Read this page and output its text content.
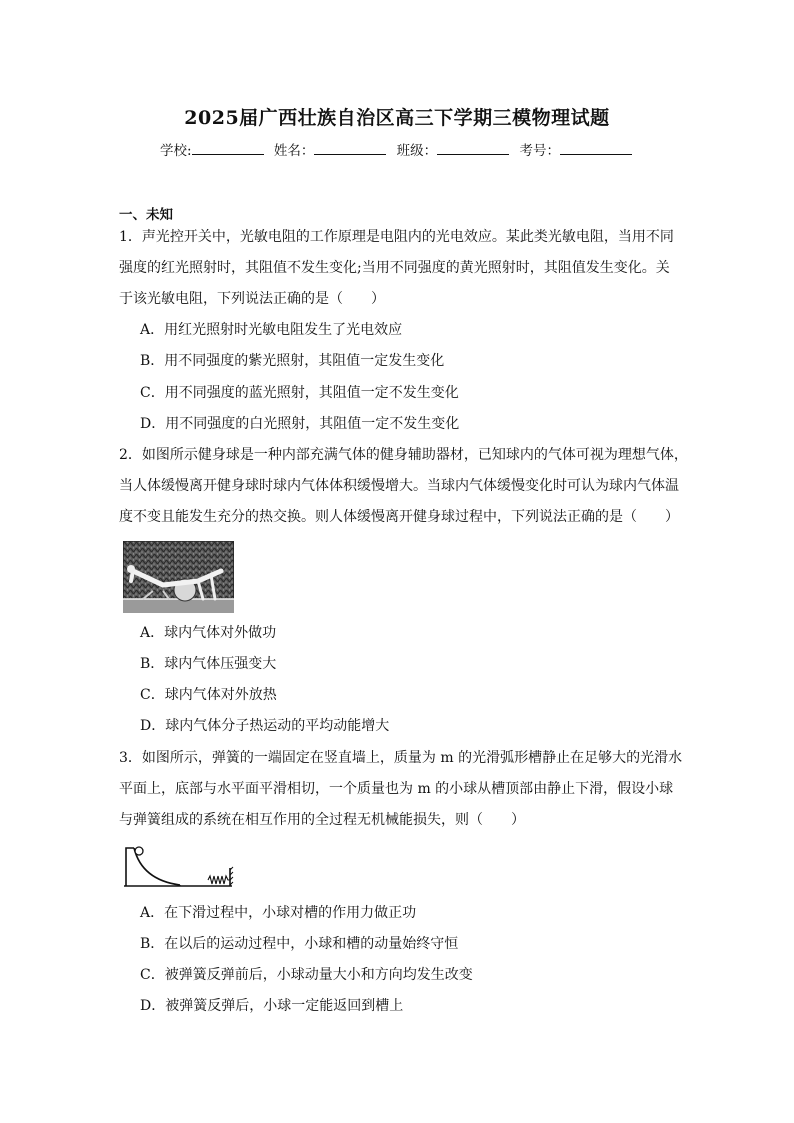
2025届广西壮族自治区高三下学期三模物理试题
学校:	姓名：	班级：	考号：
一、未知
1．声光控开关中，光敏电阻的工作原理是电阻内的光电效应。某此类光敏电阻，当用不同
强度的红光照射时，其阻值不发生变化;当用不同强度的黄光照射时，其阻值发生变化。关
于该光敏电阻，下列说法正确的是（　　）
A．用红光照射时光敏电阻发生了光电效应
B．用不同强度的紫光照射，其阻值一定发生变化
C．用不同强度的蓝光照射，其阻值一定不发生变化
D．用不同强度的白光照射，其阻值一定不发生变化
2．如图所示健身球是一种内部充满气体的健身辅助器材，已知球内的气体可视为理想气体，
当人体缓慢离开健身球时球内气体体积缓慢增大。当球内气体缓慢变化时可认为球内气体温
度不变且能发生充分的热交换。则人体缓慢离开健身球过程中，下列说法正确的是（　　）
A．球内气体对外做功
B．球内气体压强变大
C．球内气体对外放热
D．球内气体分子热运动的平均动能增大
3．如图所示，弹簧的一端固定在竖直墙上，质量为 m 的光滑弧形槽静止在足够大的光滑水
平面上，底部与水平面平滑相切，一个质量也为 m 的小球从槽顶部由静止下滑，假设小球
与弹簧组成的系统在相互作用的全过程无机械能损失，则（　　）
A．在下滑过程中，小球对槽的作用力做正功
B．在以后的运动过程中，小球和槽的动量始终守恒
C．被弹簧反弹前后，小球动量大小和方向均发生改变
D．被弹簧反弹后，小球一定能返回到槽上
